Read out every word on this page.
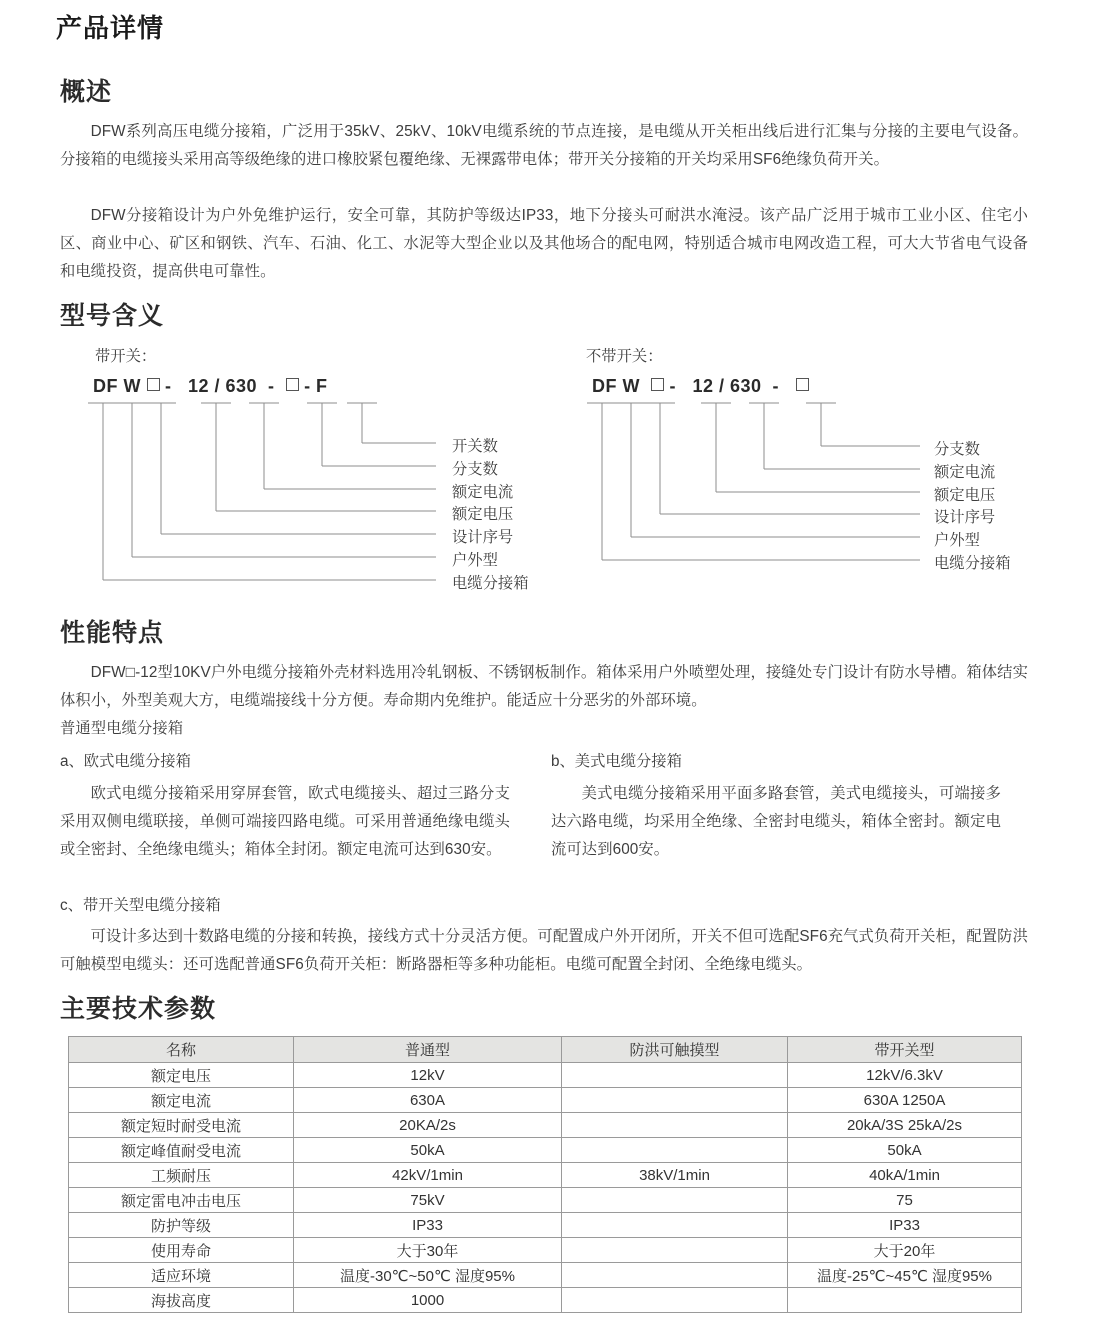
产品详情
概述
DFW系列高压电缆分接箱，广泛用于35kV、25kV、10kV电缆系统的节点连接，是电缆从开关柜出线后进行汇集与分接的主要电气设备。分接箱的电缆接头采用高等级绝缘的进口橡胶紧包覆绝缘、无裸露带电体；带开关分接箱的开关均采用SF6绝缘负荷开关。
DFW分接箱设计为户外免维护运行，安全可靠，其防护等级达IP33，地下分接头可耐洪水淹浸。该产品广泛用于城市工业小区、住宅小区、商业中心、矿区和钢铁、汽车、石油、化工、水泥等大型企业以及其他场合的配电网，特别适合城市电网改造工程，可大大节省电气设备和电缆投资，提高供电可靠性。
型号含义
带开关：
DF W  -   12 / 630  -   - F
开关数
分支数
额定电流
额定电压
设计序号
户外型
电缆分接箱
不带开关：
DF W   -   12 / 630  -
分支数
额定电流
额定电压
设计序号
户外型
电缆分接箱
性能特点
DFW□-12型10KV户外电缆分接箱外壳材料选用冷轧钢板、不锈钢板制作。箱体采用户外喷塑处理，接缝处专门设计有防水导槽。箱体结实体积小，外型美观大方，电缆端接线十分方便。寿命期内免维护。能适应十分恶劣的外部环境。
普通型电缆分接箱
a、欧式电缆分接箱	b、美式电缆分接箱
欧式电缆分接箱采用穿屏套管，欧式电缆接头、超过三路分支采用双侧电缆联接，单侧可端接四路电缆。可采用普通绝缘电缆头或全密封、全绝缘电缆头；箱体全封闭。额定电流可达到630安。
美式电缆分接箱采用平面多路套管，美式电缆接头，可端接多达六路电缆，均采用全绝缘、全密封电缆头，箱体全密封。额定电流可达到600安。
c、带开关型电缆分接箱
可设计多达到十数路电缆的分接和转换，接线方式十分灵活方便。可配置成户外开闭所，开关不但可选配SF6充气式负荷开关柜，配置防洪可触模型电缆头：还可选配普通SF6负荷开关柜：断路器柜等多种功能柜。电缆可配置全封闭、全绝缘电缆头。
主要技术参数
名称	普通型	防洪可触摸型	带开关型
额定电压	12kV		12kV/6.3kV
额定电流	630A		630A 1250A
额定短时耐受电流	20KA/2s		20kA/3S 25kA/2s
额定峰值耐受电流	50kA		50kA
工频耐压	42kV/1min	38kV/1min	40kA/1min
额定雷电冲击电压	75kV		75
防护等级	IP33		IP33
使用寿命	大于30年		大于20年
适应环境	温度-30℃~50℃ 湿度95%		温度-25℃~45℃ 湿度95%
海拔高度	1000		
